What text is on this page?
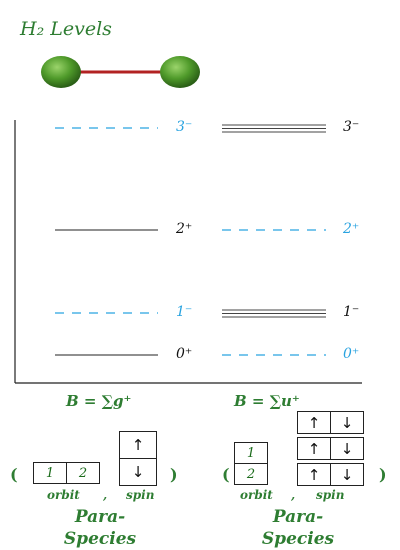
H₂ Levels
3⁻
2⁺
1⁻
0⁺
3⁻
2⁺
1⁻
0⁺
B = ∑g⁺	B = ∑u⁺
( 1 2
↑
↓ )
orbit , spin
Para-
Species
(
1
2
↑ ↓
↑ ↓
↑ ↓ )
orbit , spin
Para-
Species
